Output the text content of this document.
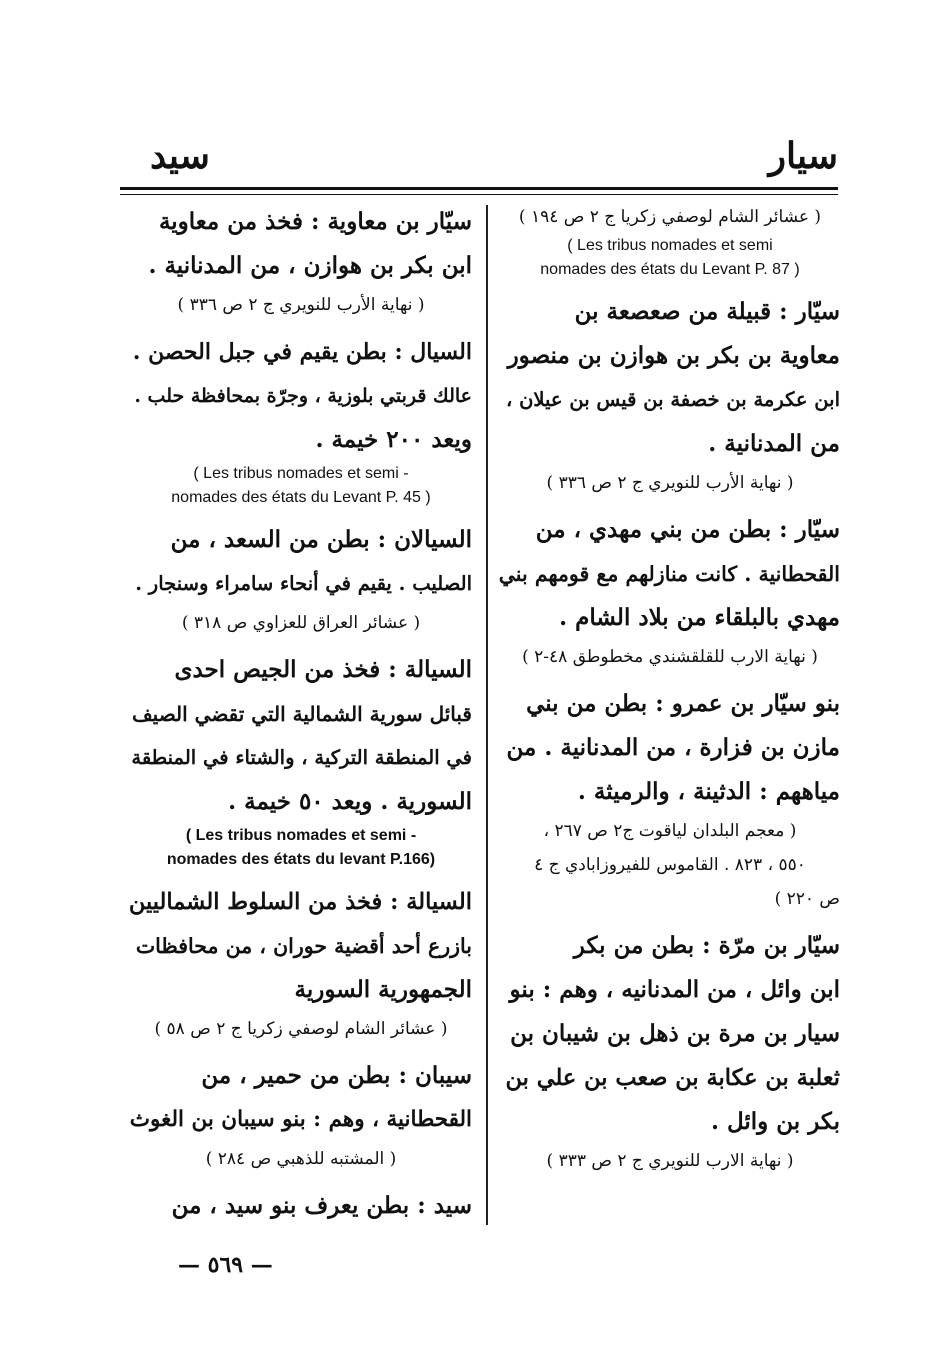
سيار
سيد
( عشائر الشام لوصفي زكريا ج ٢ ص ١٩٤ )
( Les tribus nomades et semi
nomades des états du Levant P. 87 )
سيّار : قبيلة من صعصعة بن
معاوية بن بكر بن هوازن بن منصور
ابن عكرمة بن خصفة بن قيس بن عيلان ،
من المدنانية .
( نهاية الأرب للنويري ج ٢ ص ٣٣٦ )
سيّار : بطن من بني مهدي ، من
القحطانية . كانت منازلهم مع قومهم بني
مهدي بالبلقاء من بلاد الشام .
( نهاية الارب للقلقشندي مخطوطق ٤٨-٢ )
بنو سيّار بن عمرو : بطن من بني
مازن بن فزارة ، من المدنانية . من
مياههم : الدثينة ، والرميثة .
( معجم البلدان لياقوت ج٢ ص ٢٦٧ ،
٥٥٠ ، ٨٢٣ . القاموس للفيروزابادي ج ٤
ص ٢٢٠ )
سيّار بن مرّة : بطن من بكر
ابن وائل ، من المدنانيه ، وهم : بنو
سيار بن مرة بن ذهل بن شيبان بن
ثعلبة بن عكابة بن صعب بن علي بن
بكر بن وائل .
( نهاية الارب للنويري ج ٢ ص ٣٣٣ )
سيّار بن معاوية : فخذ من معاوية
ابن بكر بن هوازن ، من المدنانية .
( نهاية الأرب للنويري ج ٢ ص ٣٣٦ )
السيال : بطن يقيم في جبل الحصن .
عالك قربتي بلوزية ، وجرّة بمحافظة حلب .
ويعد ٢٠٠ خيمة .
( Les tribus nomades et semi -
nomades des états du Levant P. 45 )
السيالان : بطن من السعد ، من
الصليب . يقيم في أنحاء سامراء وسنجار .
( عشائر العراق للعزاوي ص ٣١٨ )
السيالة : فخذ من الجيص احدى
قبائل سورية الشمالية التي تقضي الصيف
في المنطقة التركية ، والشتاء في المنطقة
السورية . ويعد ٥٠ خيمة .
( Les tribus nomades et semi -
nomades des états du levant P.166)
السيالة : فخذ من السلوط الشماليين
بازرع أحد أقضية حوران ، من محافظات
الجمهورية السورية
( عشائر الشام لوصفي زكريا ج ٢ ص ٥٨ )
سيبان : بطن من حمير ، من
القحطانية ، وهم : بنو سيبان بن الغوث
( المشتبه للذهبي ص ٢٨٤ )
سيد : بطن يعرف بنو سيد ، من
— ٥٦٩ —
